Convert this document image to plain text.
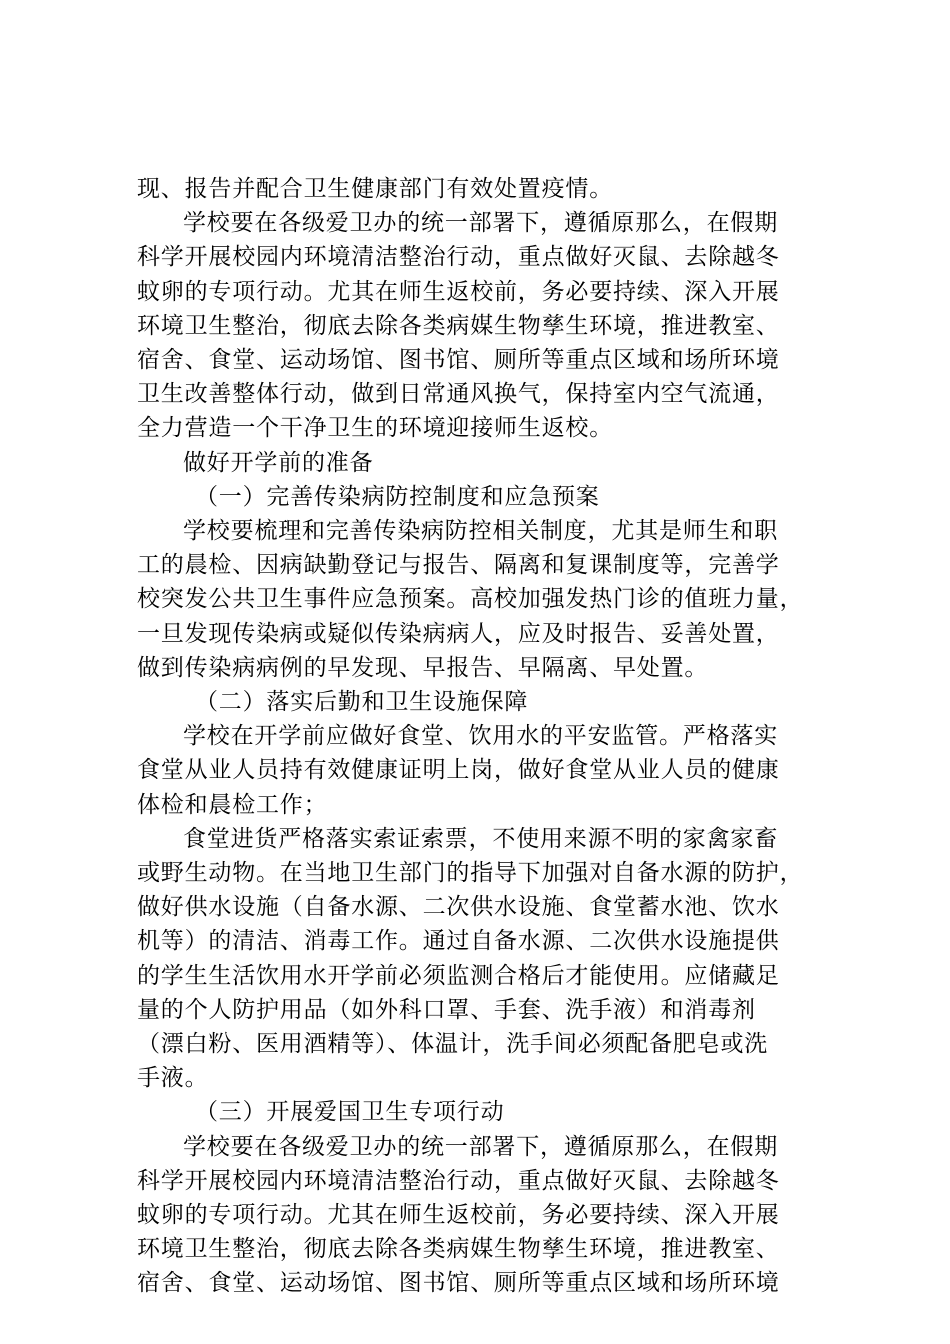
现、报告并配合卫生健康部门有效处置疫情。
学校要在各级爱卫办的统一部署下，遵循原那么，在假期
科学开展校园内环境清洁整治行动，重点做好灭鼠、去除越冬
蚊卵的专项行动。尤其在师生返校前，务必要持续、深入开展
环境卫生整治，彻底去除各类病媒生物孳生环境，推进教室、
宿舍、食堂、运动场馆、图书馆、厕所等重点区域和场所环境
卫生改善整体行动，做到日常通风换气，保持室内空气流通，
全力营造一个干净卫生的环境迎接师生返校。
做好开学前的准备
（一）完善传染病防控制度和应急预案
学校要梳理和完善传染病防控相关制度，尤其是师生和职
工的晨检、因病缺勤登记与报告、隔离和复课制度等，完善学
校突发公共卫生事件应急预案。高校加强发热门诊的值班力量，
一旦发现传染病或疑似传染病病人，应及时报告、妥善处置，
做到传染病病例的早发现、早报告、早隔离、早处置。
（二）落实后勤和卫生设施保障
学校在开学前应做好食堂、饮用水的平安监管。严格落实
食堂从业人员持有效健康证明上岗，做好食堂从业人员的健康
体检和晨检工作；
食堂进货严格落实索证索票，不使用来源不明的家禽家畜
或野生动物。在当地卫生部门的指导下加强对自备水源的防护，
做好供水设施（自备水源、二次供水设施、食堂蓄水池、饮水
机等）的清洁、消毒工作。通过自备水源、二次供水设施提供
的学生生活饮用水开学前必须监测合格后才能使用。应储藏足
量的个人防护用品（如外科口罩、手套、洗手液）和消毒剂
（漂白粉、医用酒精等）、体温计，洗手间必须配备肥皂或洗
手液。
（三）开展爱国卫生专项行动
学校要在各级爱卫办的统一部署下，遵循原那么，在假期
科学开展校园内环境清洁整治行动，重点做好灭鼠、去除越冬
蚊卵的专项行动。尤其在师生返校前，务必要持续、深入开展
环境卫生整治，彻底去除各类病媒生物孳生环境，推进教室、
宿舍、食堂、运动场馆、图书馆、厕所等重点区域和场所环境
